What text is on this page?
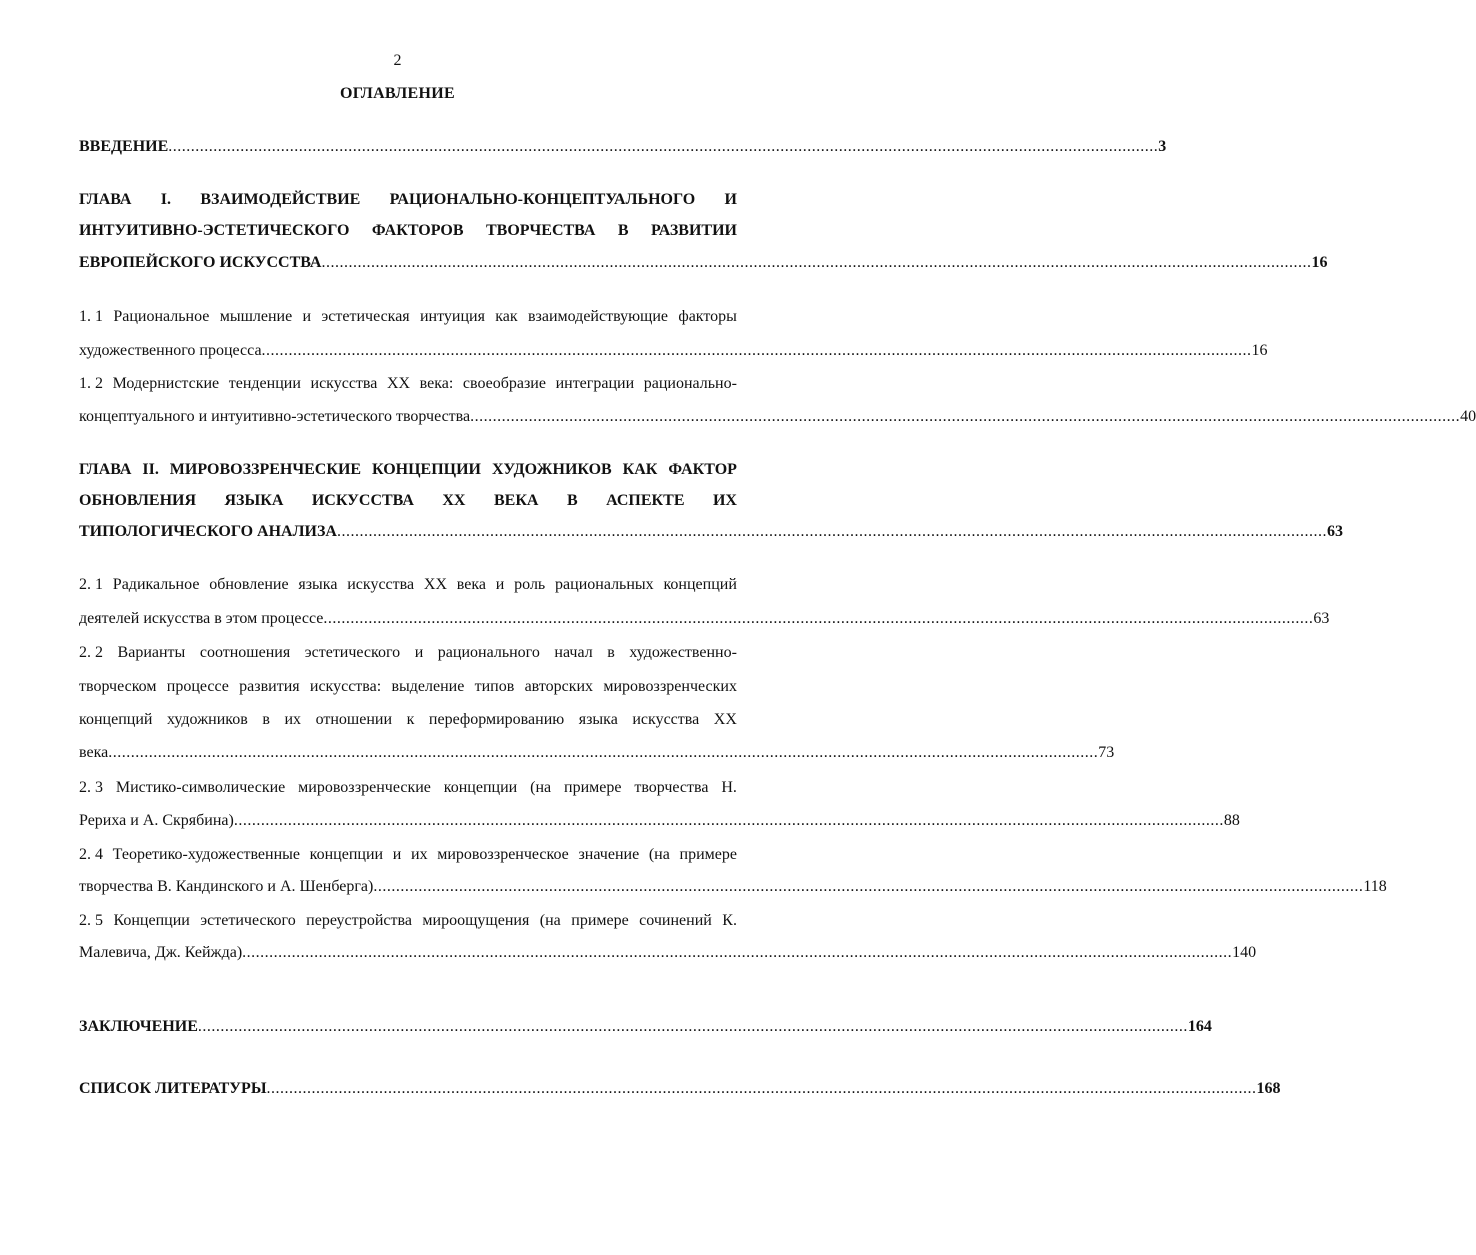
2
ОГЛАВЛЕНИЕ
ВВЕДЕНИЕ ............................................................................................................................................................................................................................ 3
ГЛАВА I. ВЗАИМОДЕЙСТВИЕ РАЦИОНАЛЬНО-КОНЦЕПТУАЛЬНОГО И
ИНТУИТИВНО-ЭСТЕТИЧЕСКОГО ФАКТОРОВ ТВОРЧЕСТВА В РАЗВИТИИ
ЕВРОПЕЙСКОГО ИСКУССТВА ............................................................................................................................................................................................................................ 16
1. 1 Рациональное мышление и эстетическая интуиция как взаимодействующие факторы
художественного процесса ............................................................................................................................................................................................................................ 16
1. 2 Модернистские тенденции искусства XX века: своеобразие интеграции рационально-
концептуального и интуитивно-эстетического творчества ............................................................................................................................................................................................................................ 40
ГЛАВА II. МИРОВОЗЗРЕНЧЕСКИЕ КОНЦЕПЦИИ ХУДОЖНИКОВ КАК ФАКТОР
ОБНОВЛЕНИЯ ЯЗЫКА ИСКУССТВА XX ВЕКА В АСПЕКТЕ ИХ
ТИПОЛОГИЧЕСКОГО АНАЛИЗА ............................................................................................................................................................................................................................ 63
2. 1 Радикальное обновление языка искусства XX века и роль рациональных концепций
деятелей искусства в этом процессе ............................................................................................................................................................................................................................ 63
2. 2 Варианты соотношения эстетического и рационального начал в художественно-
творческом процессе развития искусства: выделение типов авторских мировоззренческих
концепций художников в их отношении к переформированию языка искусства XX
века ............................................................................................................................................................................................................................ 73
2. 3 Мистико-символические мировоззренческие концепции (на примере творчества Н.
Рериха и А. Скрябина) ............................................................................................................................................................................................................................ 88
2. 4 Теоретико-художественные концепции и их мировоззренческое значение (на примере
творчества В. Кандинского и А. Шенберга) ............................................................................................................................................................................................................................ 118
2. 5 Концепции эстетического переустройства мироощущения (на примере сочинений К.
Малевича, Дж. Кейжда) ............................................................................................................................................................................................................................ 140
ЗАКЛЮЧЕНИЕ ............................................................................................................................................................................................................................ 164
СПИСОК ЛИТЕРАТУРЫ ............................................................................................................................................................................................................................ 168
